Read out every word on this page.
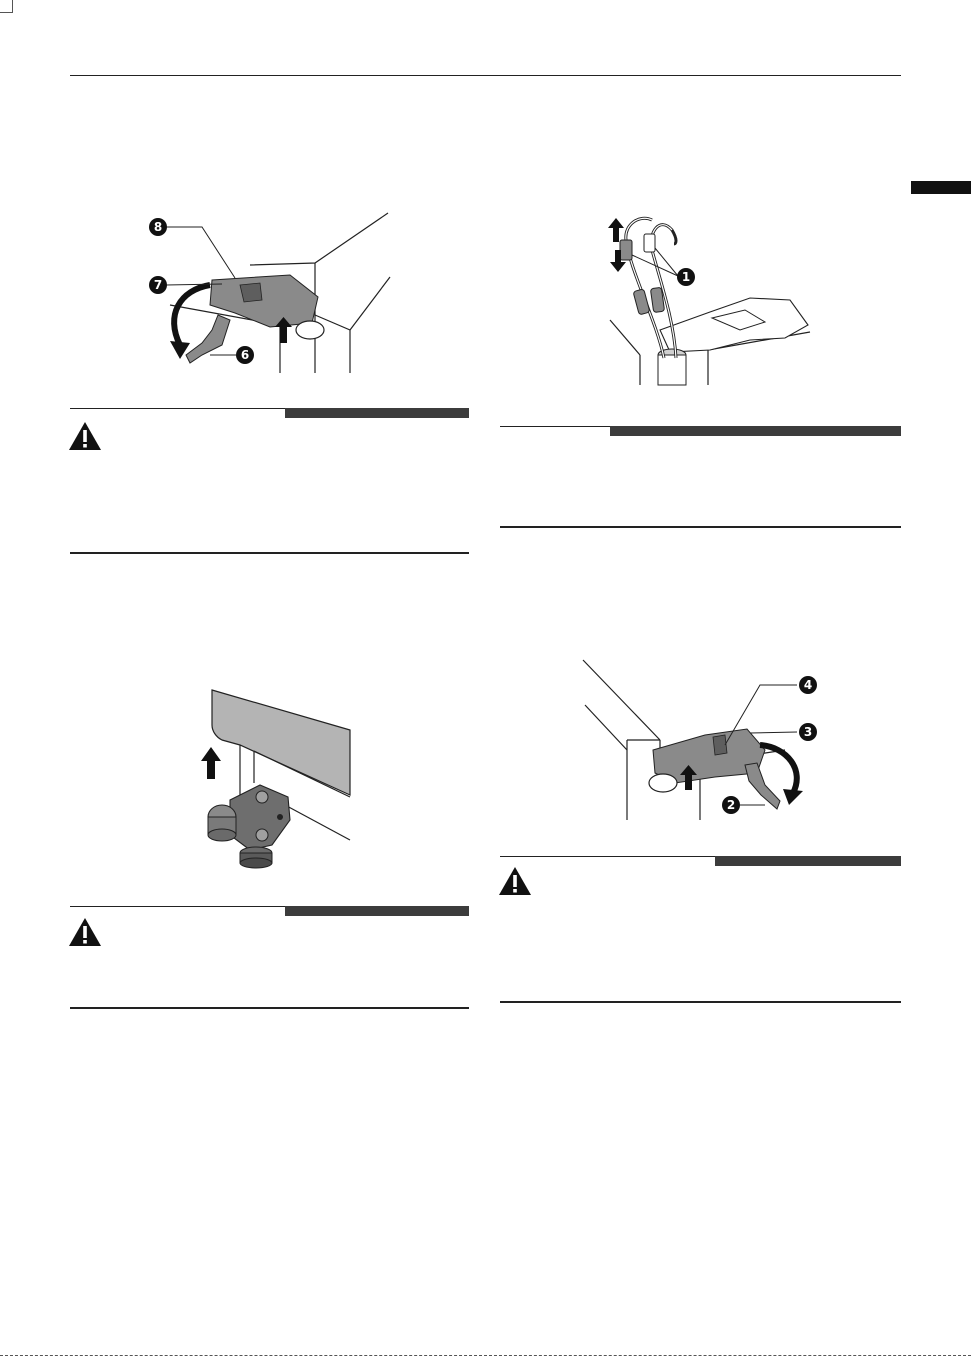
8
7
6
1
4
3
2
